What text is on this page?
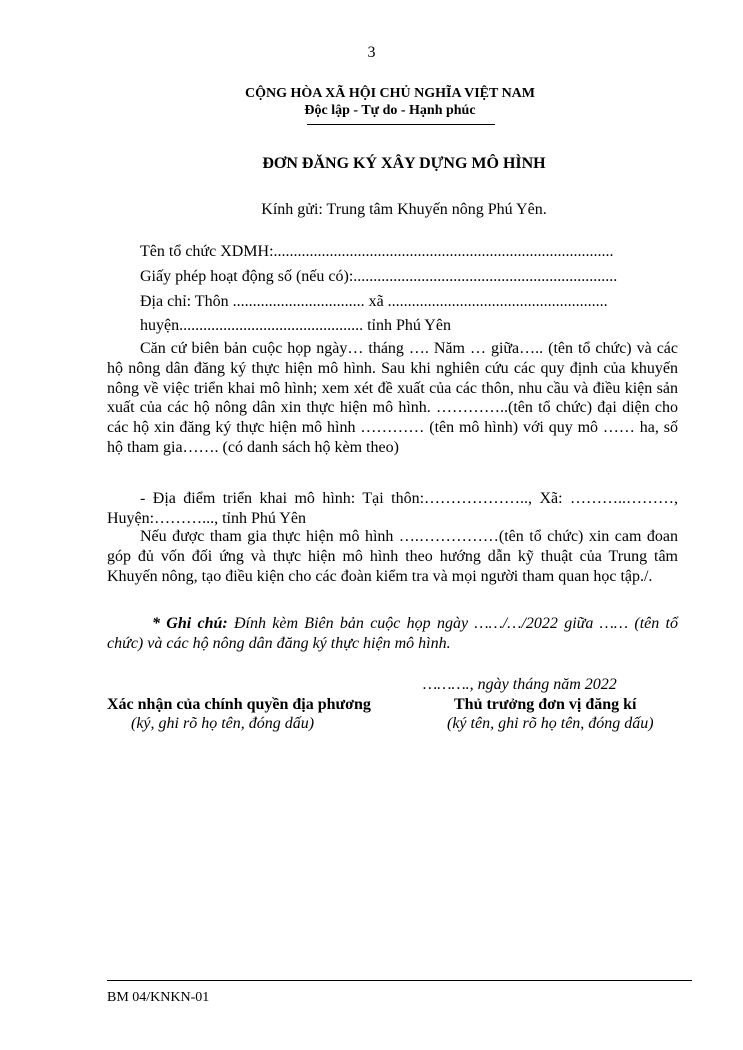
3
CỘNG HÒA XÃ HỘI CHỦ NGHĨA VIỆT NAM
Độc lập - Tự do - Hạnh phúc
ĐƠN ĐĂNG KÝ XÂY DỰNG MÔ HÌNH
Kính gửi: Trung tâm Khuyến nông Phú Yên.
Tên tổ chức XDMH:.....................................................................................
Giấy phép hoạt động số (nếu có):..................................................................
Địa chỉ: Thôn ................................. xã .......................................................
huyện.............................................. tỉnh Phú Yên
Căn cứ biên bản cuộc họp ngày… tháng …. Năm … giữa….. (tên tổ chức) và các hộ nông dân đăng ký thực hiện mô hình. Sau khi nghiên cứu các quy định của khuyến nông về việc triển khai mô hình; xem xét đề xuất của các thôn, nhu cầu và điều kiện sản xuất của các hộ nông dân xin thực hiện mô hình. …………..(tên tổ chức) đại diện cho các hộ xin đăng ký thực hiện mô hình ………… (tên mô hình) với quy mô …… ha, số hộ tham gia……. (có danh sách hộ kèm theo)
- Địa điểm triển khai mô hình: Tại thôn:……………….., Xã: ………..………, Huyện:………..., tỉnh Phú Yên
Nếu được tham gia thực hiện mô hình ….……………(tên tổ chức) xin cam đoan góp đủ vốn đối ứng và thực hiện mô hình theo hướng dẫn kỹ thuật của Trung tâm Khuyến nông, tạo điều kiện cho các đoàn kiểm tra và mọi người tham quan học tập./.
* Ghi chú: Đính kèm Biên bản cuộc họp ngày ……/…/2022 giữa …… (tên tổ chức) và các hộ nông dân đăng ký thực hiện mô hình.
………., ngày tháng năm 2022
Xác nhận của chính quyền địa phương
(ký, ghi rõ họ tên, đóng dấu)
Thủ trưởng đơn vị đăng kí
(ký tên, ghi rõ họ tên, đóng dấu)
BM 04/KNKN-01
